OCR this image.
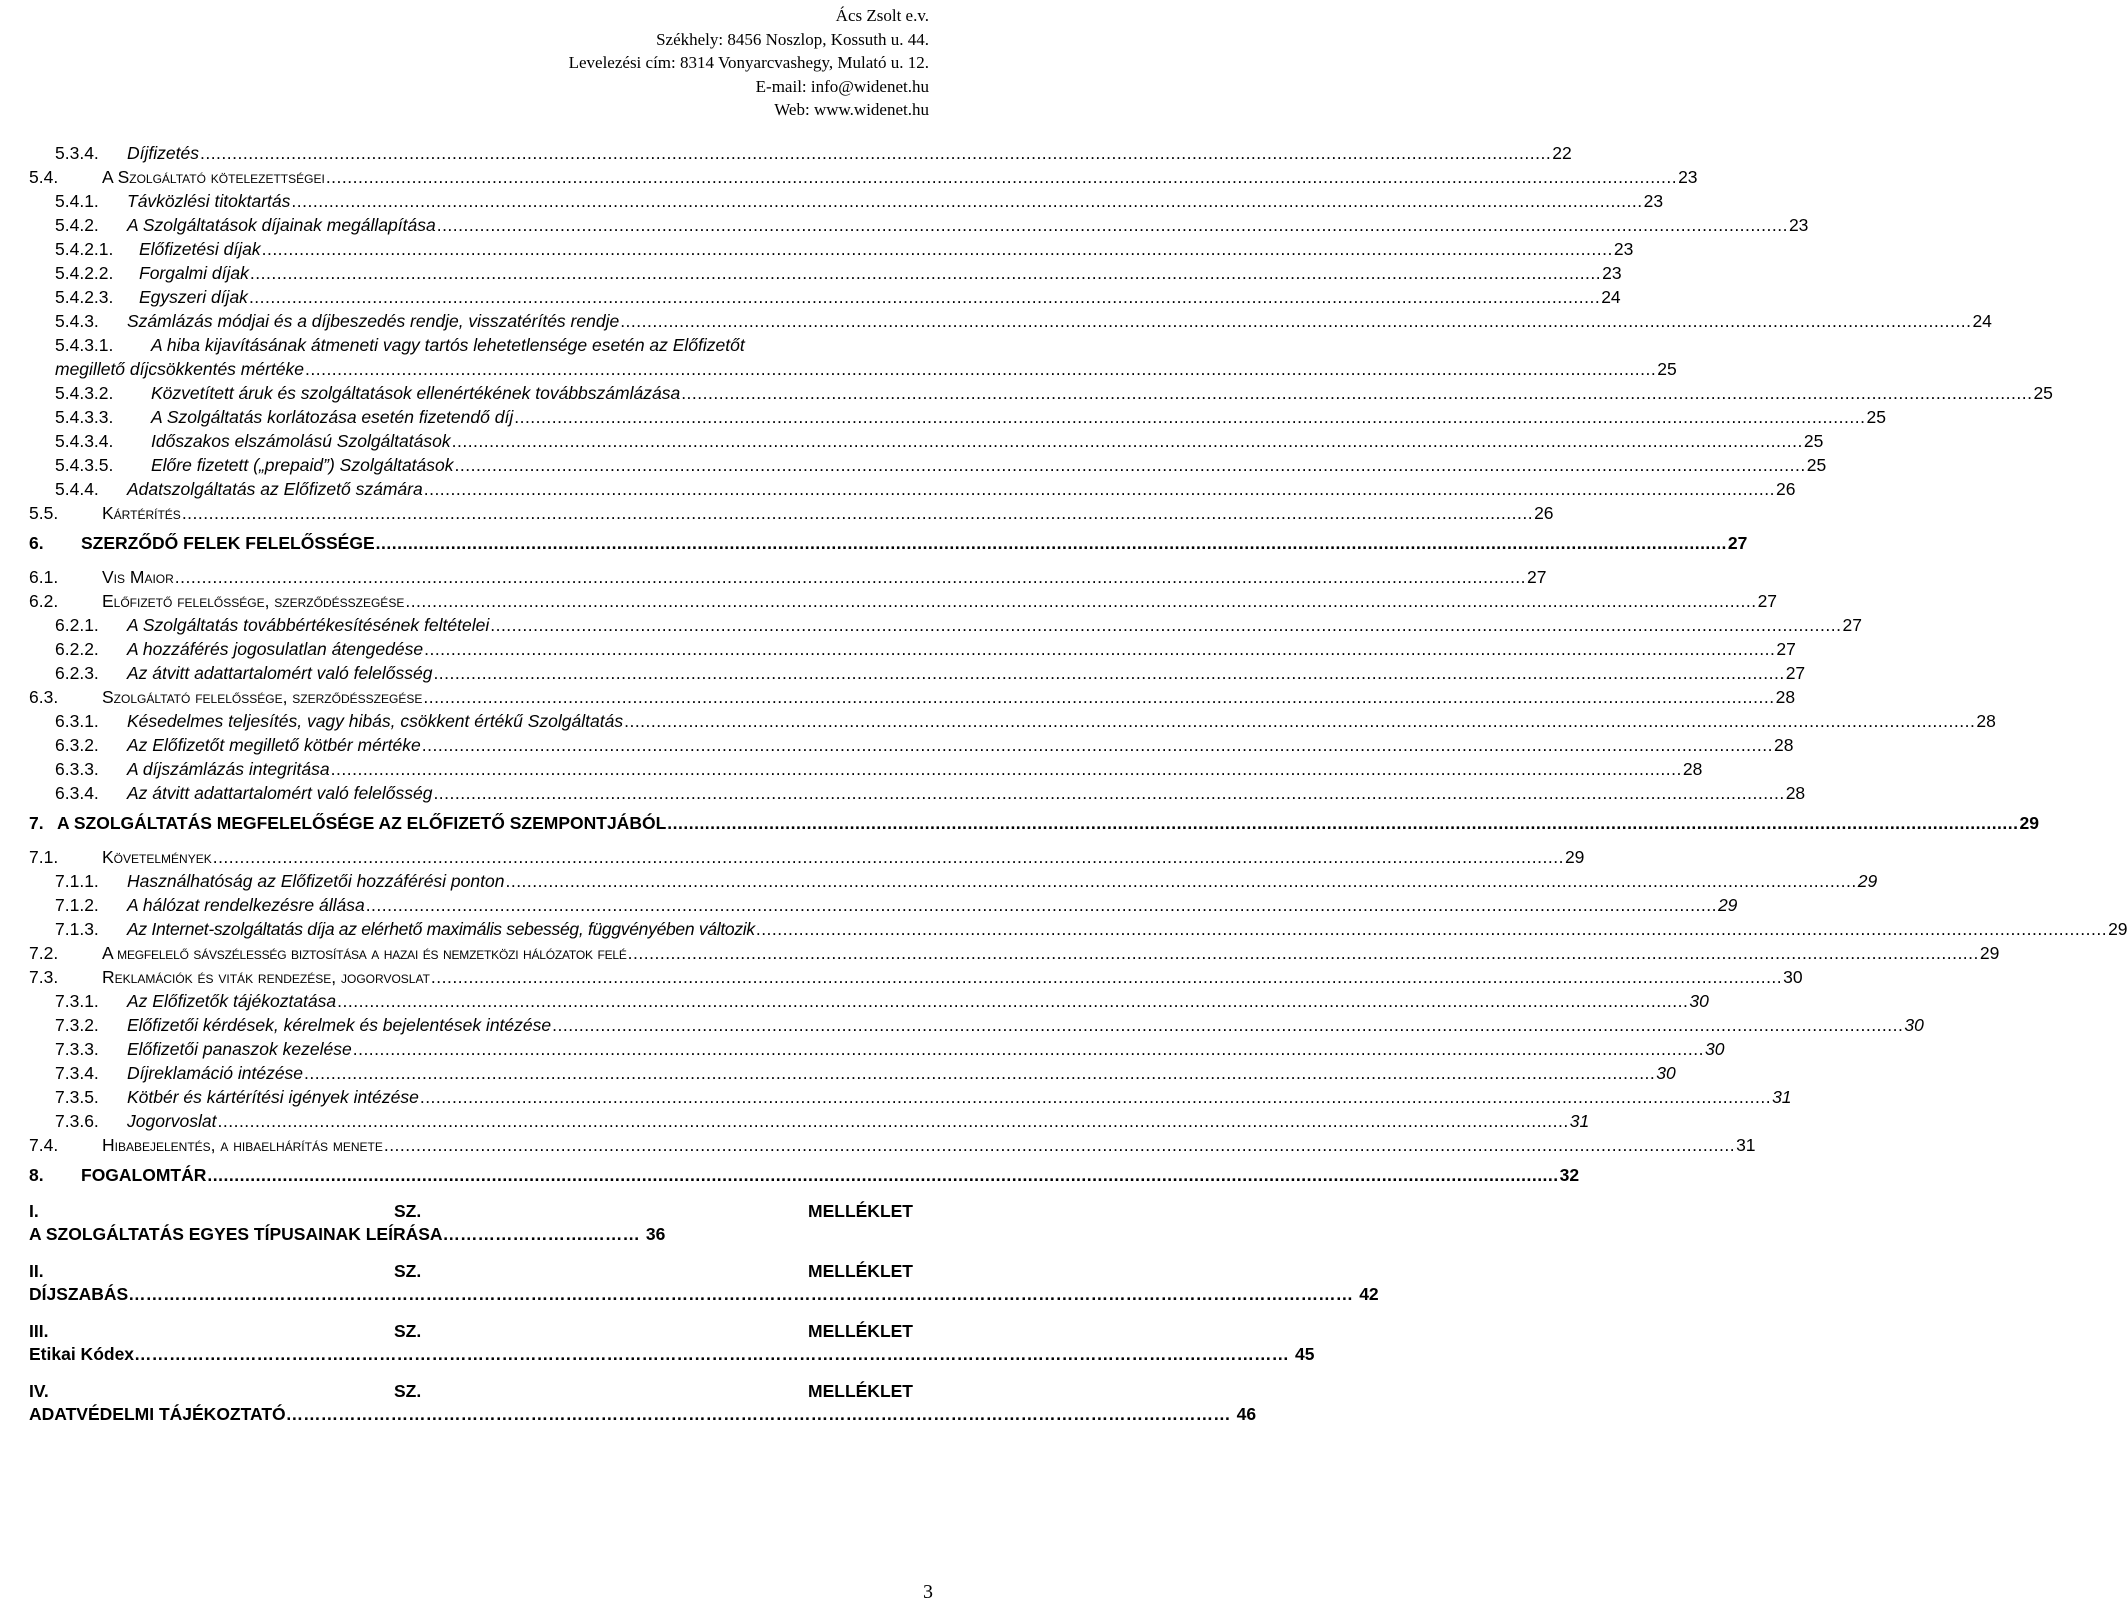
Ács Zsolt e.v.
Székhely: 8456 Noszlop, Kossuth u. 44.
Levelezési cím: 8314 Vonyarcvashegy, Mulató u. 12.
E-mail: info@widenet.hu
Web: www.widenet.hu
5.3.4.	Díjfizetés .....	22
5.4.	A Szolgáltató kötelezettségei .....	23
5.4.1.	Távközlési titoktartás .....	23
5.4.2.	A Szolgáltatások díjainak megállapítása .....	23
5.4.2.1.	Előfizetési díjak .....	23
5.4.2.2.	Forgalmi díjak .....	23
5.4.2.3.	Egyszeri díjak .....	24
5.4.3.	Számlázás módjai és a díjbeszedés rendje, visszatérítés rendje .....	24
5.4.3.1.	A hiba kijavításának átmeneti vagy tartós lehetetlensége esetén az Előfizetőt
megillető díjcsökkentés mértéke .....	25
5.4.3.2.	Közvetített áruk és szolgáltatások ellenértékének továbbszámlázása .....	25
5.4.3.3.	A Szolgáltatás korlátozása esetén fizetendő díj .....	25
5.4.3.4.	Időszakos elszámolású Szolgáltatások .....	25
5.4.3.5.	Előre fizetett („prepaid”) Szolgáltatások .....	25
5.4.4.	Adatszolgáltatás az Előfizető számára .....	26
5.5.	Kártérítés .....	26
6.	SZERZŐDŐ FELEK FELELŐSSÉGE .....	27
6.1.	Vis Maior .....	27
6.2.	Előfizető felelőssége, szerződésszegése .....	27
6.2.1.	A Szolgáltatás továbbértékesítésének feltételei .....	27
6.2.2.	A hozzáférés jogosulatlan átengedése .....	27
6.2.3.	Az átvitt adattartalomért való felelősség .....	27
6.3.	Szolgáltató felelőssége, szerződésszegése .....	28
6.3.1.	Késedelmes teljesítés, vagy hibás, csökkent értékű Szolgáltatás .....	28
6.3.2.	Az Előfizetőt megillető kötbér mértéke .....	28
6.3.3.	A díjszámlázás integritása .....	28
6.3.4.	Az átvitt adattartalomért való felelősség .....	28
7. A SZOLGÁLTATÁS MEGFELELŐSÉGE AZ ELŐFIZETŐ SZEMPONTJÁBÓL .....	29
7.1.	Követelmények .....	29
7.1.1.	Használhatóság az Előfizetői hozzáférési ponton .....	29
7.1.2.	A hálózat rendelkezésre állása .....	29
7.1.3.	Az Internet-szolgáltatás díja az elérhető maximális sebesség, függvényében változik .....	29
7.2.	A megfelelő sávszélesség biztosítása a hazai és nemzetközi hálózatok felé .....	29
7.3.	Reklamációk és viták rendezése, jogorvoslat .....	30
7.3.1.	Az Előfizetők tájékoztatása .....	30
7.3.2.	Előfizetői kérdések, kérelmek és bejelentések intézése .....	30
7.3.3.	Előfizetői panaszok kezelése .....	30
7.3.4.	Díjreklamáció intézése .....	30
7.3.5.	Kötbér és kártérítési igények intézése .....	31
7.3.6.	Jogorvoslat .....	31
7.4.	Hibabejelentés, a hibaelhárítás menete .....	31
8.	FOGALOMTÁR .....	32
I.	SZ.	MELLÉKLET
A SZOLGÁLTATÁS EGYES TÍPUSAINAK LEÍRÁSA…………………….……… 36
II.	SZ.	MELLÉKLET
DÍJSZABÁS………………………………………………………………………………………………………………………………………………………………………………………… 42
III.	SZ.	MELLÉKLET
Etikai Kódex……………………………………………………………………………………………………………………………………………………………………………… 45
IV.	SZ.	MELLÉKLET
ADATVÉDELMI TÁJÉKOZTATÓ……………………………………………………………………………………………………………………………………………… 46
3
